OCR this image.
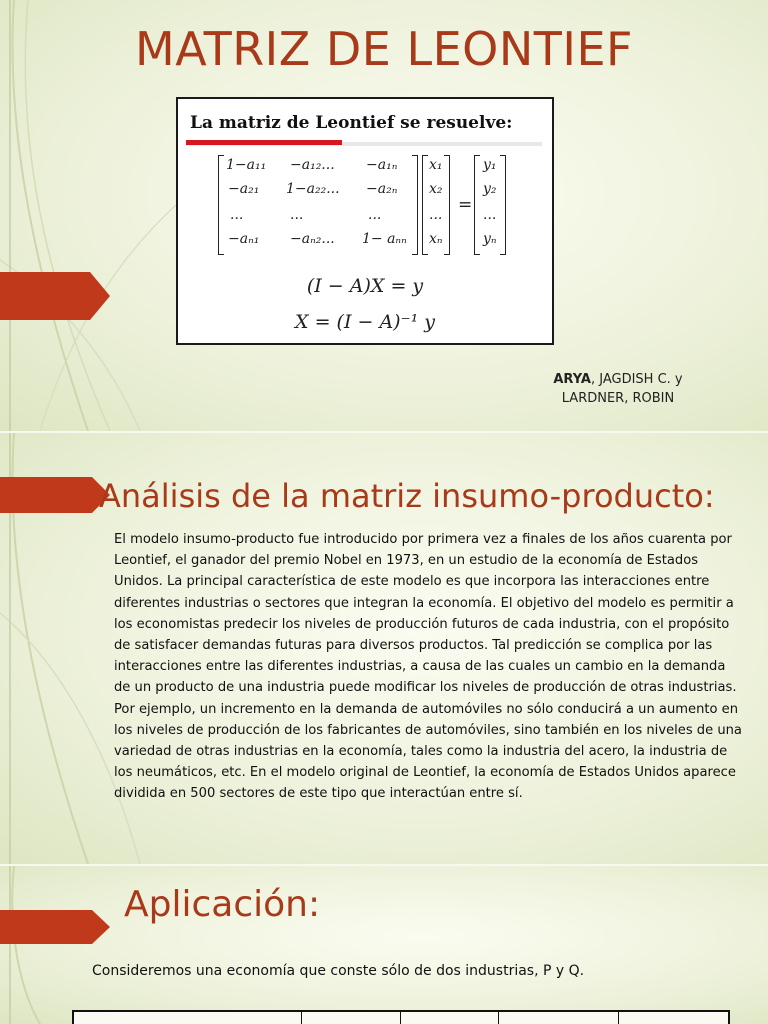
MATRIZ DE LEONTIEF
La matriz de Leontief se resuelve:
1−a₁₁ −a₁₂... −a₁ₙ
−a₂₁ 1−a₂₂... −a₂ₙ
...	...	...
−aₙ₁ −aₙ₂... 1− aₙₙ
x₁
x₂
...
xₙ
=
y₁
y₂
...
yₙ
(I − A)X = y
X = (I − A)⁻¹ y
ARYA, JAGDISH C. y
LARDNER, ROBIN
Análisis de la matriz insumo-producto:

El modelo insumo-producto fue introducido por primera vez a finales de los años cuarenta por Leontief, el ganador del premio Nobel en 1973, en un estudio de la economía de Estados Unidos. La principal característica de este modelo es que incorpora las interacciones entre diferentes industrias o sectores que integran la economía. El objetivo del modelo es permitir a los economistas predecir los niveles de producción futuros de cada industria, con el propósito de satisfacer demandas futuras para diversos productos. Tal predicción se complica por las interacciones entre las diferentes industrias, a causa de las cuales un cambio en la demanda de un producto de una industria puede modificar los niveles de producción de otras industrias. Por ejemplo, un incremento en la demanda de automóviles no sólo conducirá a un aumento en los niveles de producción de los fabricantes de automóviles, sino también en los niveles de una variedad de otras industrias en la economía, tales como la industria del acero, la industria de los neumáticos, etc. En el modelo original de Leontief, la economía de Estados Unidos aparece dividida en 500 sectores de este tipo que interactúan entre sí.

Aplicación:

Consideremos una economía que conste sólo de dos industrias, P y Q.
